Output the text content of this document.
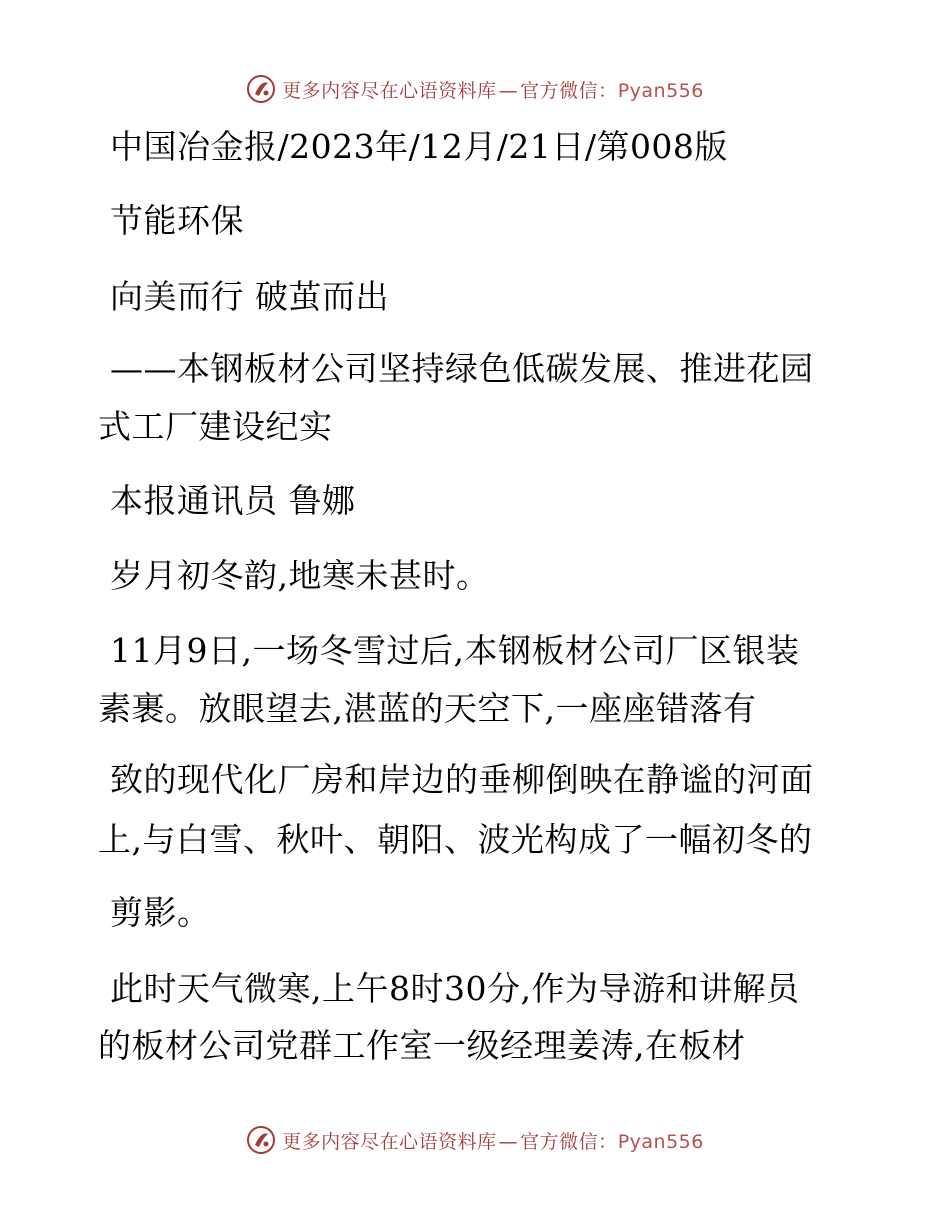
更多内容尽在心语资料库 — 官方微信：Pyan556
中国冶金报/2023年/12月/21日/第008版
节能环保
向美而行 破茧而出
——本钢板材公司坚持绿色低碳发展、推进花园
式工厂建设纪实
本报通讯员 鲁娜
岁月初冬韵,地寒未甚时。
11月9日,一场冬雪过后,本钢板材公司厂区银装
素裹。放眼望去,湛蓝的天空下,一座座错落有
致的现代化厂房和岸边的垂柳倒映在静谧的河面
上,与白雪、秋叶、朝阳、波光构成了一幅初冬的
剪影。
此时天气微寒,上午8时30分,作为导游和讲解员
的板材公司党群工作室一级经理姜涛,在板材
更多内容尽在心语资料库 — 官方微信：Pyan556
